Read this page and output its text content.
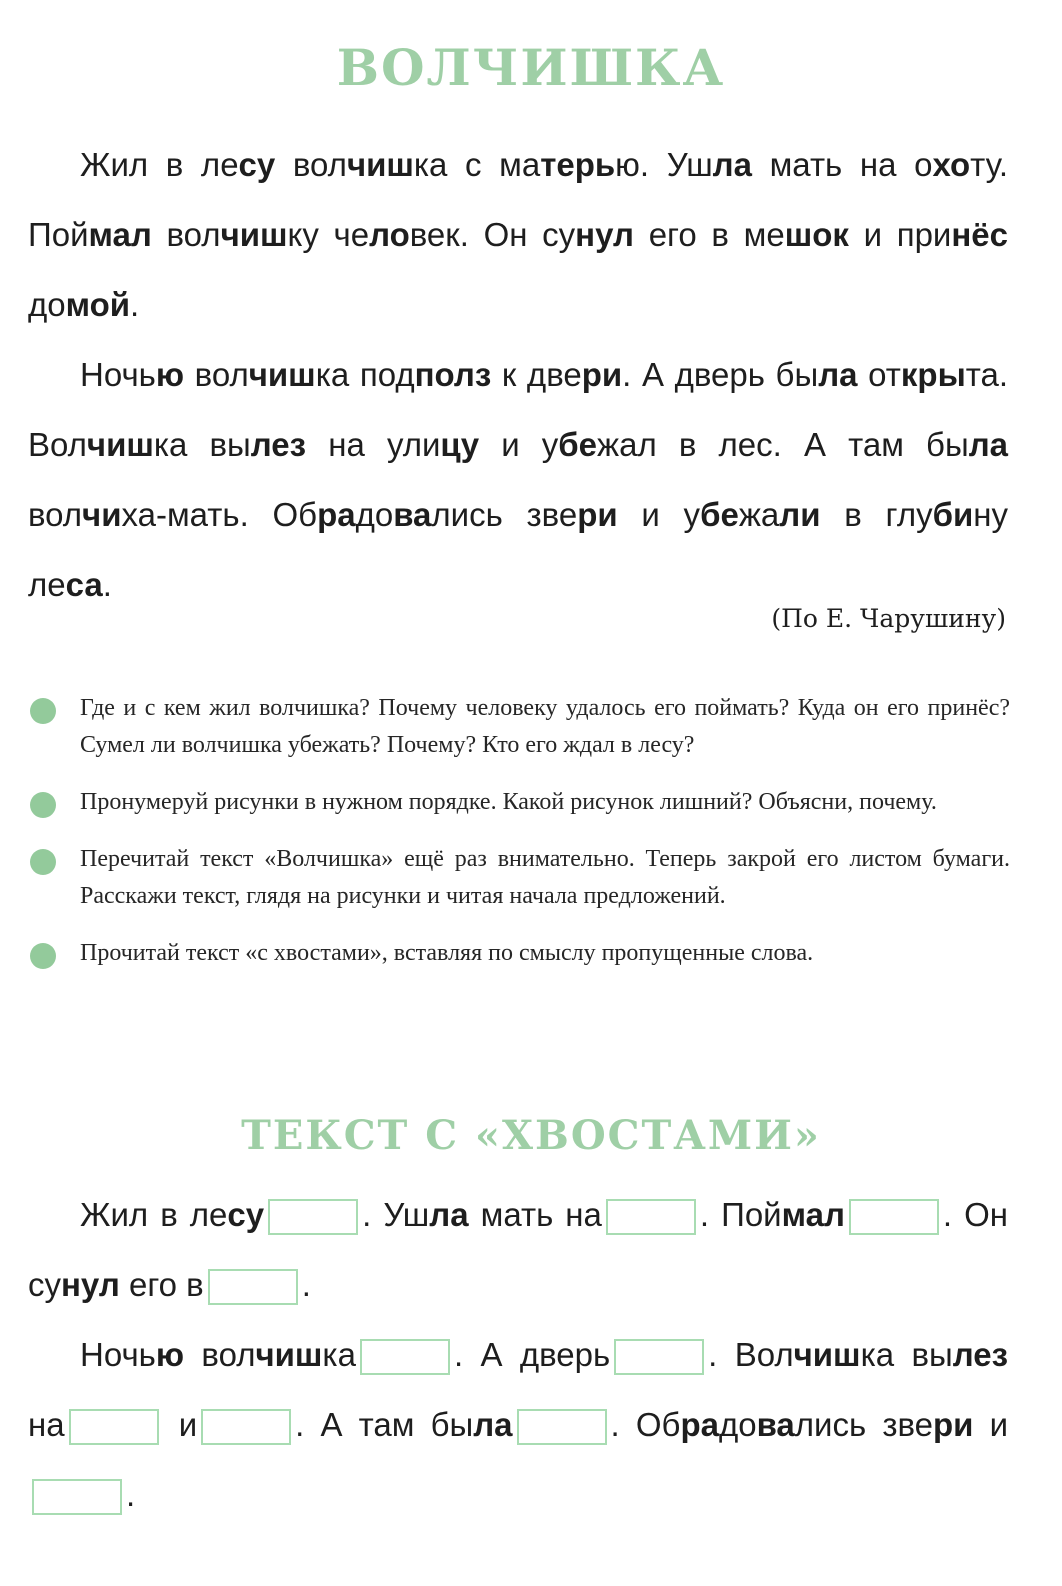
ВОЛЧИШКА

Жил в лесу волчишка с матерью. Ушла мать на охоту. Поймал волчишку человек. Он сунул его в мешок и принёс домой.

Ночью волчишка подполз к двери. А дверь была открыта. Волчишка вылез на улицу и убежал в лес. А там была волчиха-мать. Обрадовались звери и убежали в глубину леса.

(По Е. Чарушину)
Где и с кем жил волчишка? Почему человеку удалось его поймать? Куда он его принёс? Сумел ли волчишка убежать? Почему? Кто его ждал в лесу?
Пронумеруй рисунки в нужном порядке. Какой рисунок лишний? Объясни, почему.
Перечитай текст «Волчишка» ещё раз внимательно. Теперь закрой его листом бумаги. Расскажи текст, глядя на рисунки и читая начала предложений.
Прочитай текст «с хвостами», вставляя по смыслу пропущенные слова.
ТЕКСТ С «ХВОСТАМИ»

Жил в лесу	. Ушла мать на	. Поймал	. Он сунул его в	.

Ночью волчишка	. А дверь	. Волчишка вылез на	и	. А там была	. Обрадовались звери и.
